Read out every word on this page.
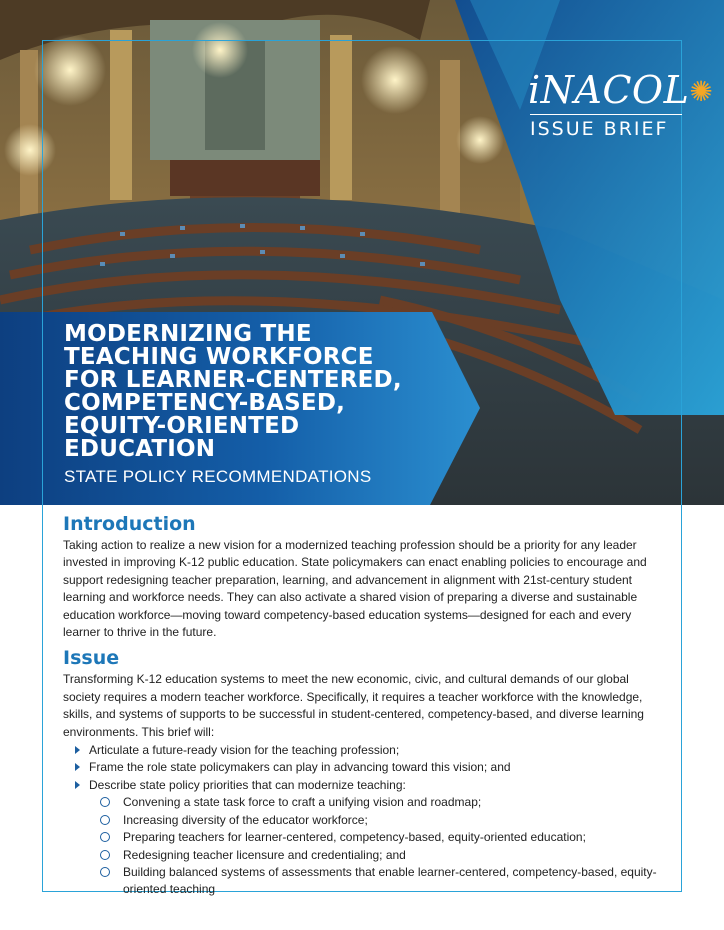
iNACOL✺
ISSUE BRIEF
MODERNIZING THE
TEACHING WORKFORCE
FOR LEARNER-CENTERED,
COMPETENCY-BASED,
EQUITY-ORIENTED
EDUCATION
STATE POLICY RECOMMENDATIONS
Introduction

Taking action to realize a new vision for a modernized teaching profession should be a priority for any leader invested in improving K-12 public education. State policymakers can enact enabling policies to encourage and support redesigning teacher preparation, learning, and advancement in alignment with 21st-century student learning and workforce needs. They can also activate a shared vision of preparing a diverse and sustainable education workforce—moving toward competency-based education systems—designed for each and every learner to thrive in the future.

Issue

Transforming K-12 education systems to meet the new economic, civic, and cultural demands of our global society requires a modern teacher workforce. Specifically, it requires a teacher workforce with the knowledge, skills, and systems of supports to be successful in student-centered, competency-based, and diverse learning environments. This brief will:

Articulate a future-ready vision for the teaching profession;
Frame the role state policymakers can play in advancing toward this vision; and
Describe state policy priorities that can modernize teaching:
Convening a state task force to craft a unifying vision and roadmap;
Increasing diversity of the educator workforce;
Preparing teachers for learner-centered, competency-based, equity-oriented education;
Redesigning teacher licensure and credentialing; and
Building balanced systems of assessments that enable learner-centered, competency-based, equity-oriented teaching
